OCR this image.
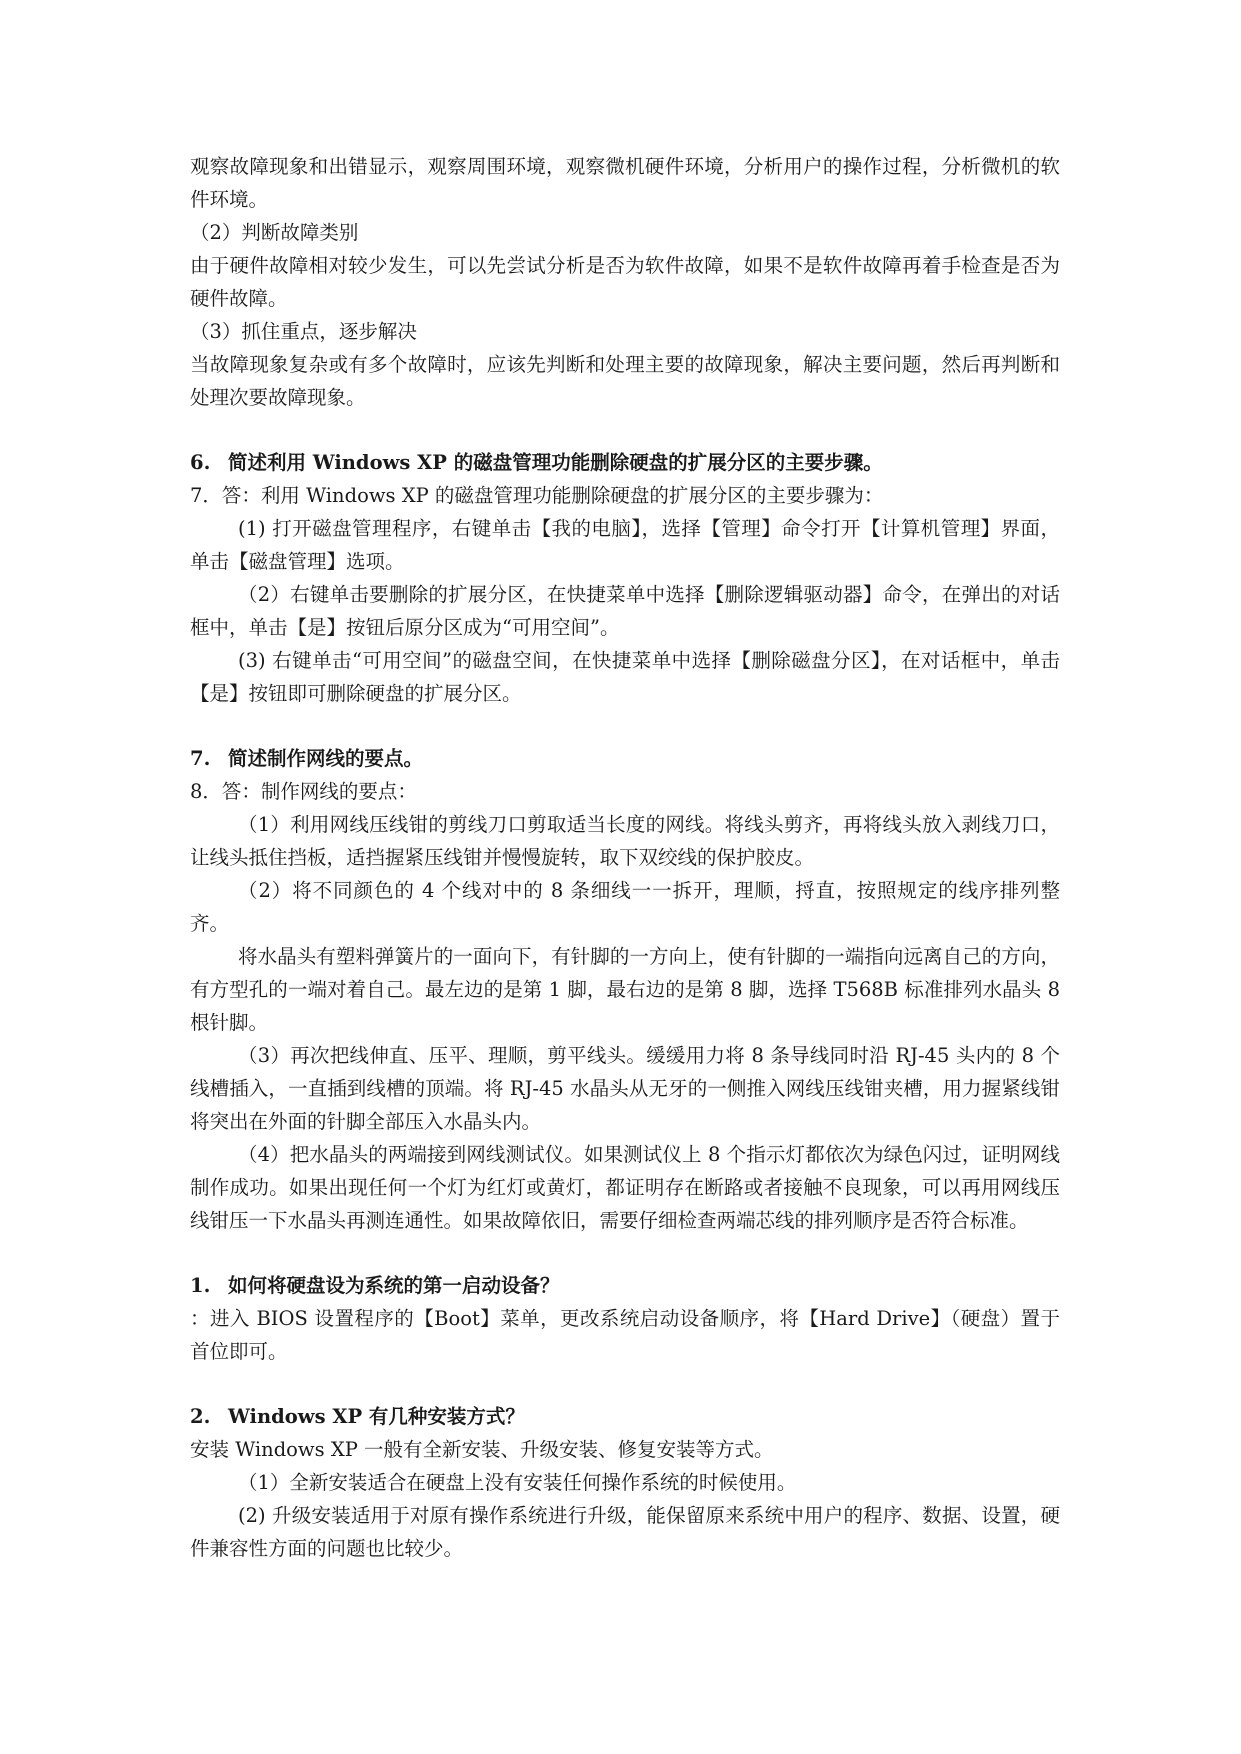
观察故障现象和出错显示，观察周围环境，观察微机硬件环境，分析用户的操作过程，分析微机的软件环境。

（2）判断故障类别

由于硬件故障相对较少发生，可以先尝试分析是否为软件故障，如果不是软件故障再着手检查是否为硬件故障。

（3）抓住重点，逐步解决

当故障现象复杂或有多个故障时，应该先判断和处理主要的故障现象，解决主要问题，然后再判断和处理次要故障现象。

6. 简述利用 Windows XP 的磁盘管理功能删除硬盘的扩展分区的主要步骤。

7．答：利用 Windows XP 的磁盘管理功能删除硬盘的扩展分区的主要步骤为：

(1) 打开磁盘管理程序，右键单击【我的电脑】，选择【管理】命令打开【计算机管理】界面，单击【磁盘管理】选项。

（2）右键单击要删除的扩展分区，在快捷菜单中选择【删除逻辑驱动器】命令，在弹出的对话框中，单击【是】按钮后原分区成为“可用空间”。

(3) 右键单击“可用空间”的磁盘空间，在快捷菜单中选择【删除磁盘分区】，在对话框中，单击【是】按钮即可删除硬盘的扩展分区。

7. 简述制作网线的要点。

8．答：制作网线的要点：

（1）利用网线压线钳的剪线刀口剪取适当长度的网线。将线头剪齐，再将线头放入剥线刀口，让线头抵住挡板，适挡握紧压线钳并慢慢旋转，取下双绞线的保护胶皮。

（2）将不同颜色的 4 个线对中的 8 条细线一一拆开，理顺，捋直，按照规定的线序排列整齐。

将水晶头有塑料弹簧片的一面向下，有针脚的一方向上，使有针脚的一端指向远离自己的方向，有方型孔的一端对着自己。最左边的是第 1 脚，最右边的是第 8 脚，选择 T568B 标准排列水晶头 8 根针脚。

（3）再次把线伸直、压平、理顺，剪平线头。缓缓用力将 8 条导线同时沿 RJ-45 头内的 8 个线槽插入，一直插到线槽的顶端。将 RJ-45 水晶头从无牙的一侧推入网线压线钳夹槽，用力握紧线钳将突出在外面的针脚全部压入水晶头内。

（4）把水晶头的两端接到网线测试仪。如果测试仪上 8 个指示灯都依次为绿色闪过，证明网线制作成功。如果出现任何一个灯为红灯或黄灯，都证明存在断路或者接触不良现象，可以再用网线压线钳压一下水晶头再测连通性。如果故障依旧，需要仔细检查两端芯线的排列顺序是否符合标准。

1. 如何将硬盘设为系统的第一启动设备？

：进入 BIOS 设置程序的【Boot】菜单，更改系统启动设备顺序，将【Hard Drive】（硬盘）置于首位即可。

2. Windows XP 有几种安装方式？

安装 Windows XP 一般有全新安装、升级安装、修复安装等方式。

（1）全新安装适合在硬盘上没有安装任何操作系统的时候使用。

(2) 升级安装适用于对原有操作系统进行升级，能保留原来系统中用户的程序、数据、设置，硬件兼容性方面的问题也比较少。
